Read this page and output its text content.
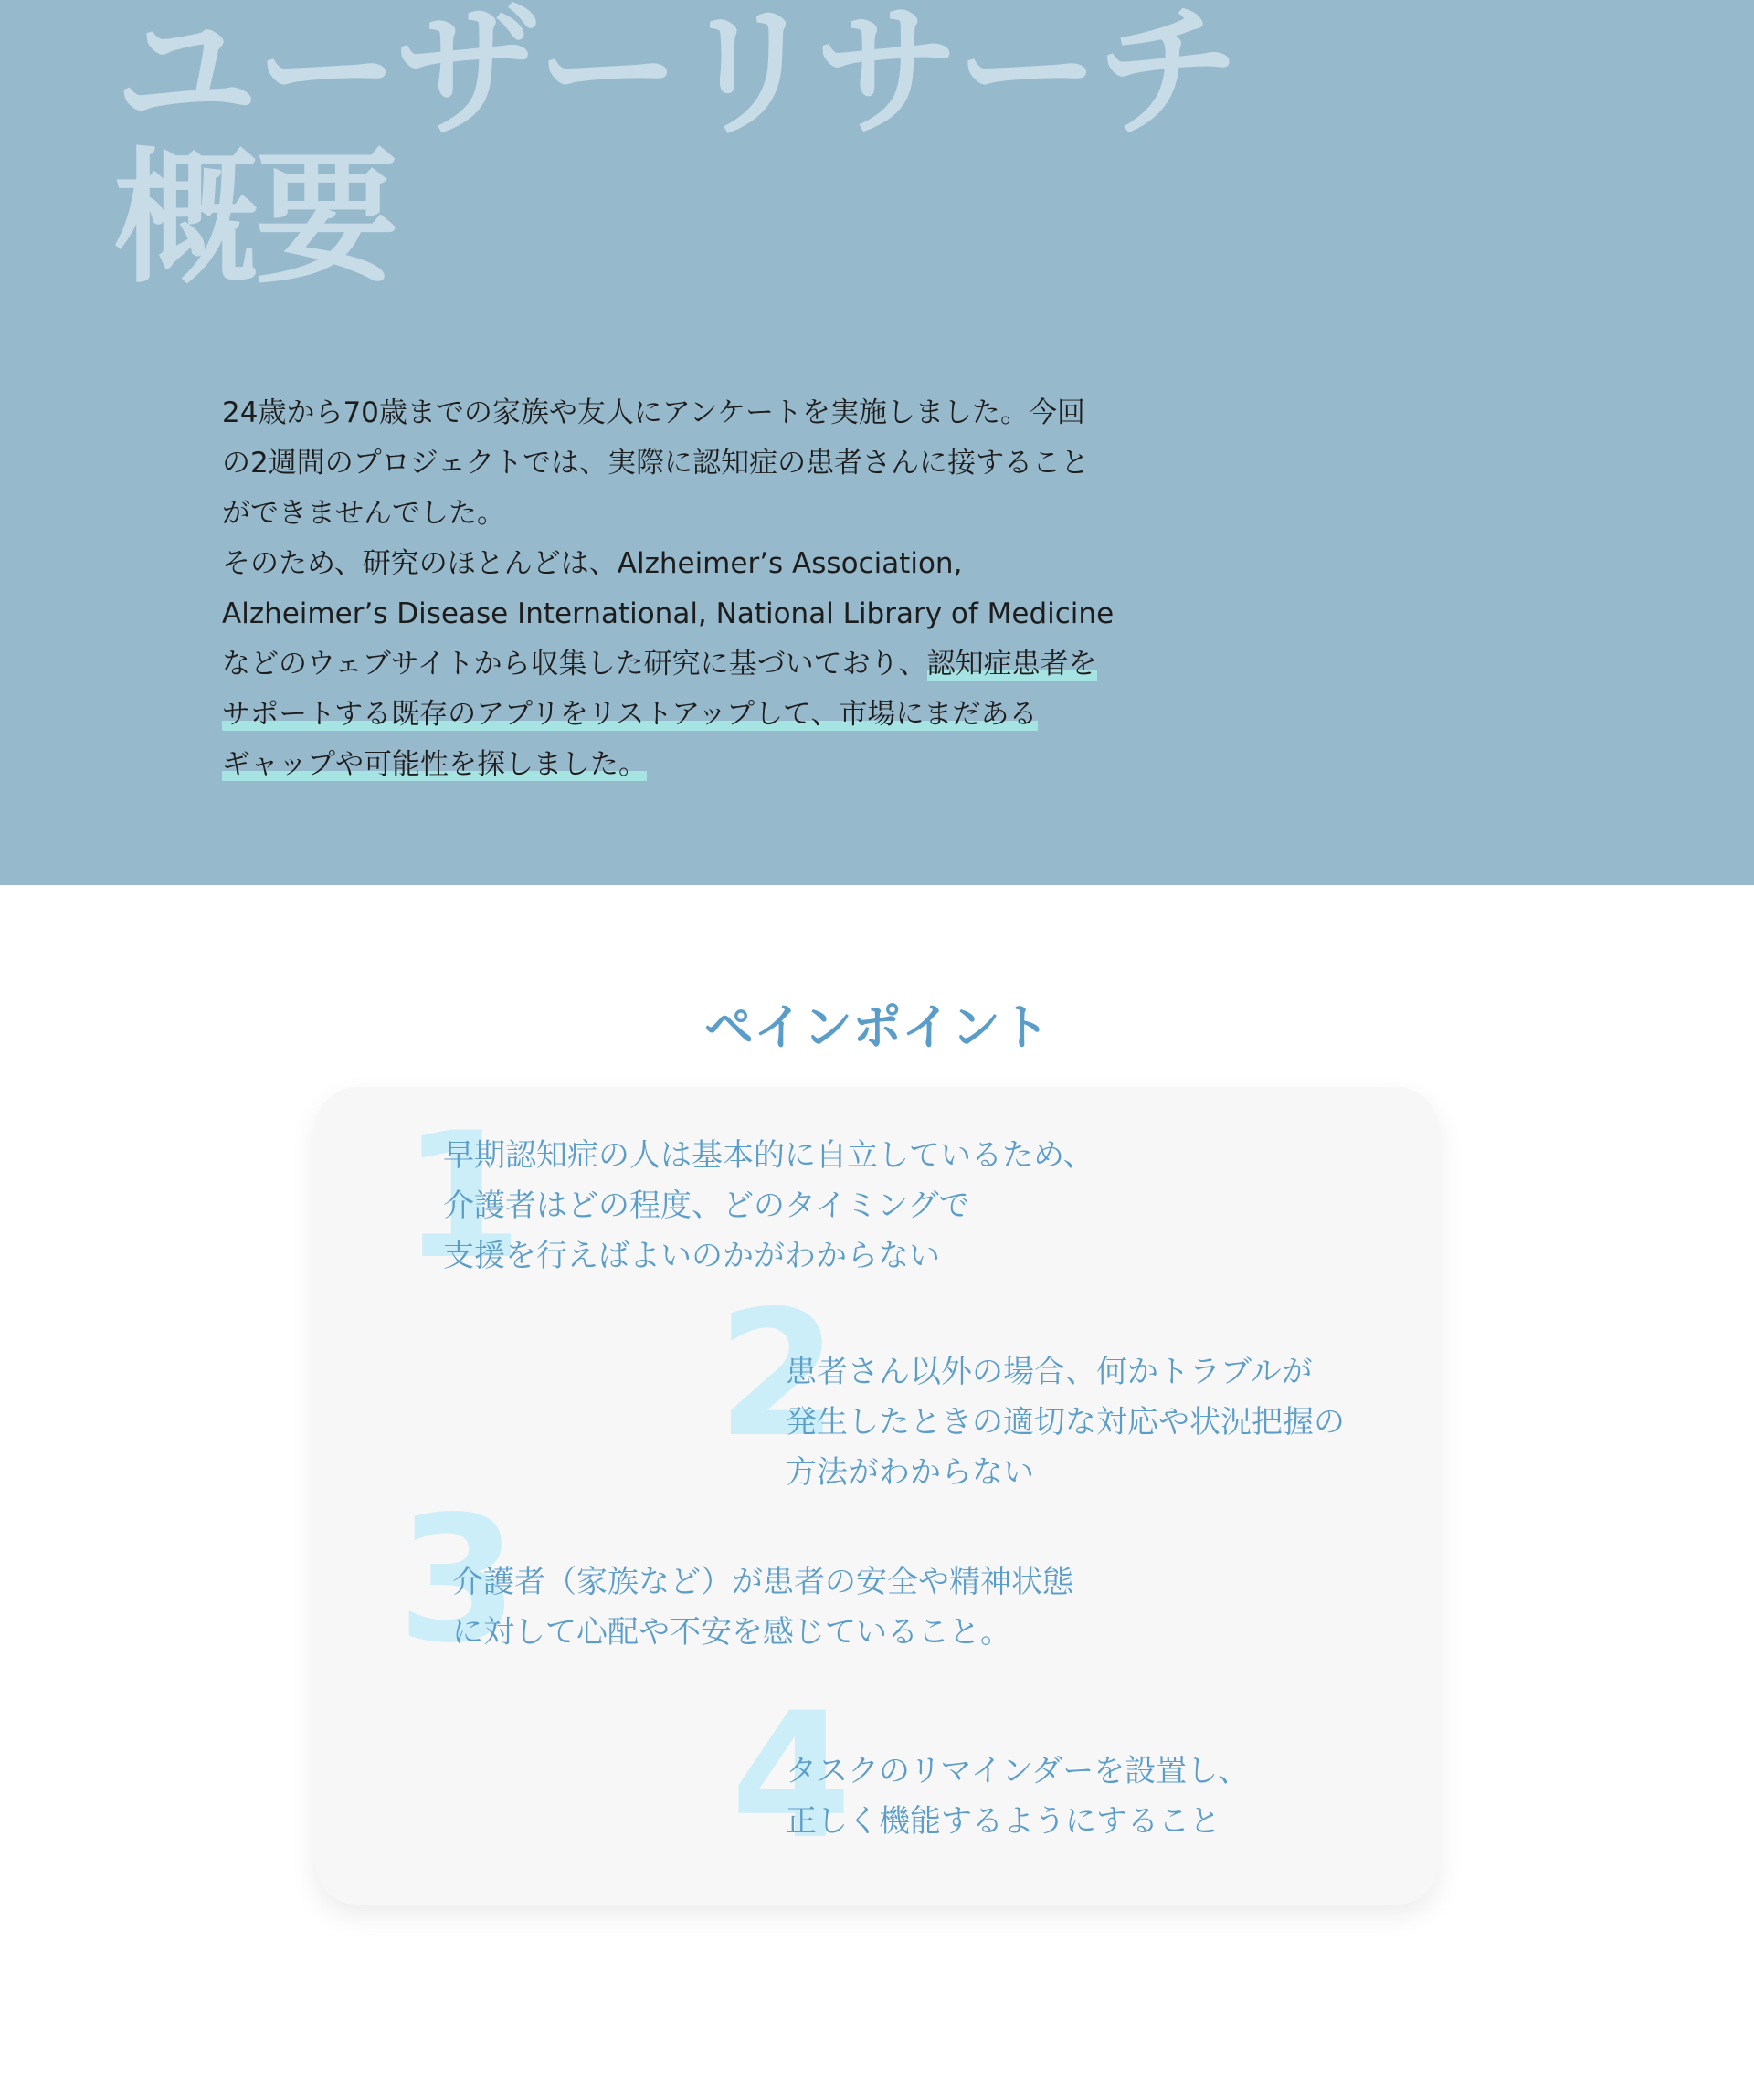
ユーザーリサーチ
概要

24歳から70歳までの家族や友人にアンケートを実施しました。今回
の2週間のプロジェクトでは、実際に認知症の患者さんに接すること
ができませんでした。
そのため、研究のほとんどは、Alzheimer’s Association,
Alzheimer’s Disease International, National Library of Medicine
などのウェブサイトから収集した研究に基づいており、認知症患者を
サポートする既存のアプリをリストアップして、市場にまだある
ギャップや可能性を探しました。

ペインポイント
1

早期認知症の人は基本的に自立しているため、
介護者はどの程度、どのタイミングで
支援を行えばよいのかがわからない

2

患者さん以外の場合、何かトラブルが
発生したときの適切な対応や状況把握の
方法がわからない

3

介護者（家族など）が患者の安全や精神状態
に対して心配や不安を感じていること。

4

タスクのリマインダーを設置し、
正しく機能するようにすること
